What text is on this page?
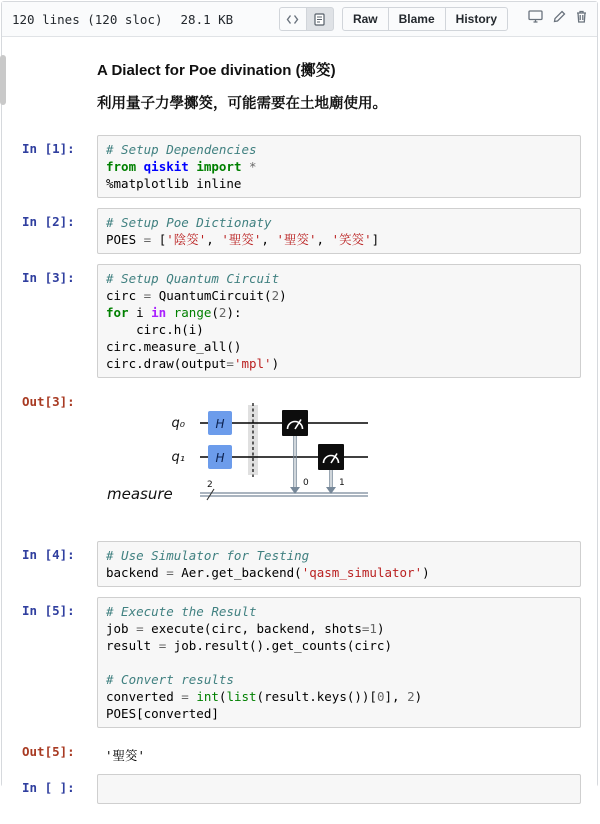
120 lines (120 sloc) 28.1 KB	Raw	Blame	History
A Dialect for Poe divination (擲筊)
利用量子力學擲筊，可能需要在土地廟使用。
In [1]:	# Setup Dependencies
from qiskit import *
%matplotlib inline
In [2]:	# Setup Poe Dictionaty
POES = ['陰筊', '聖筊', '聖筊', '笑筊']
In [3]:	# Setup Quantum Circuit
circ = QuantumCircuit(2)
for i in range(2):
circ.h(i)
circ.measure_all()
circ.draw(output='mpl')
Out[3]:
q₀
q₁
H
H
0	1
2
measure
In [4]:	# Use Simulator for Testing
backend = Aer.get_backend('qasm_simulator')
In [5]:	# Execute the Result
job = execute(circ, backend, shots=1)
result = job.result().get_counts(circ)

# Convert results
converted = int(list(result.keys())[0], 2)
POES[converted]
Out[5]:	'聖筊'
In [ ]:
